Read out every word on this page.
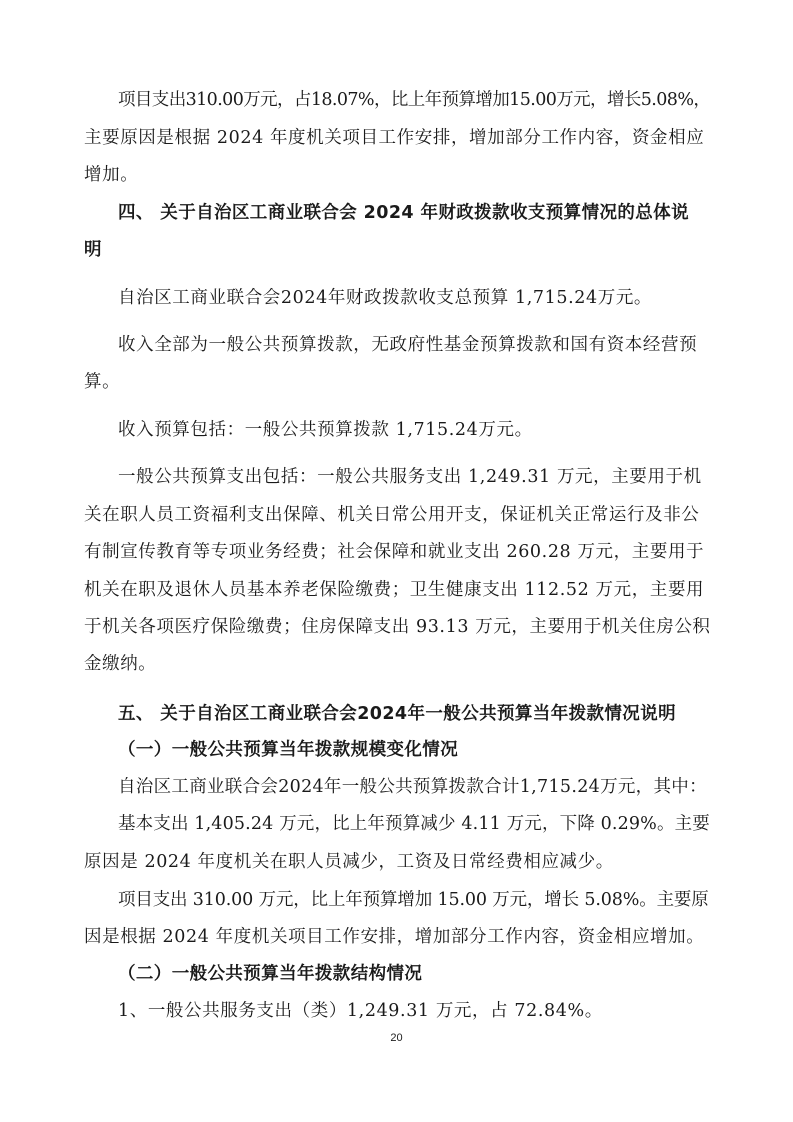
项目支出310.00万元，占18.07%，比上年预算增加15.00万元，增长5.08%，
主要原因是根据 2024 年度机关项目工作安排，增加部分工作内容，资金相应
增加。
四、 关于自治区工商业联合会 2024 年财政拨款收支预算情况的总体说
明
自治区工商业联合会2024年财政拨款收支总预算 1,715.24万元。
收入全部为一般公共预算拨款，无政府性基金预算拨款和国有资本经营预
算。
收入预算包括：一般公共预算拨款 1,715.24万元。
一般公共预算支出包括：一般公共服务支出 1,249.31 万元，主要用于机
关在职人员工资福利支出保障、机关日常公用开支，保证机关正常运行及非公
有制宣传教育等专项业务经费；社会保障和就业支出 260.28 万元，主要用于
机关在职及退休人员基本养老保险缴费；卫生健康支出 112.52 万元，主要用
于机关各项医疗保险缴费；住房保障支出 93.13 万元，主要用于机关住房公积
金缴纳。
五、 关于自治区工商业联合会2024年一般公共预算当年拨款情况说明
（一）一般公共预算当年拨款规模变化情况
自治区工商业联合会2024年一般公共预算拨款合计1,715.24万元，其中：
基本支出 1,405.24 万元，比上年预算减少 4.11 万元，下降 0.29%。主要
原因是 2024 年度机关在职人员减少，工资及日常经费相应减少。
项目支出 310.00 万元，比上年预算增加 15.00 万元，增长 5.08%。主要原
因是根据 2024 年度机关项目工作安排，增加部分工作内容，资金相应增加。
（二）一般公共预算当年拨款结构情况
1、一般公共服务支出（类）1,249.31 万元，占 72.84%。
20
